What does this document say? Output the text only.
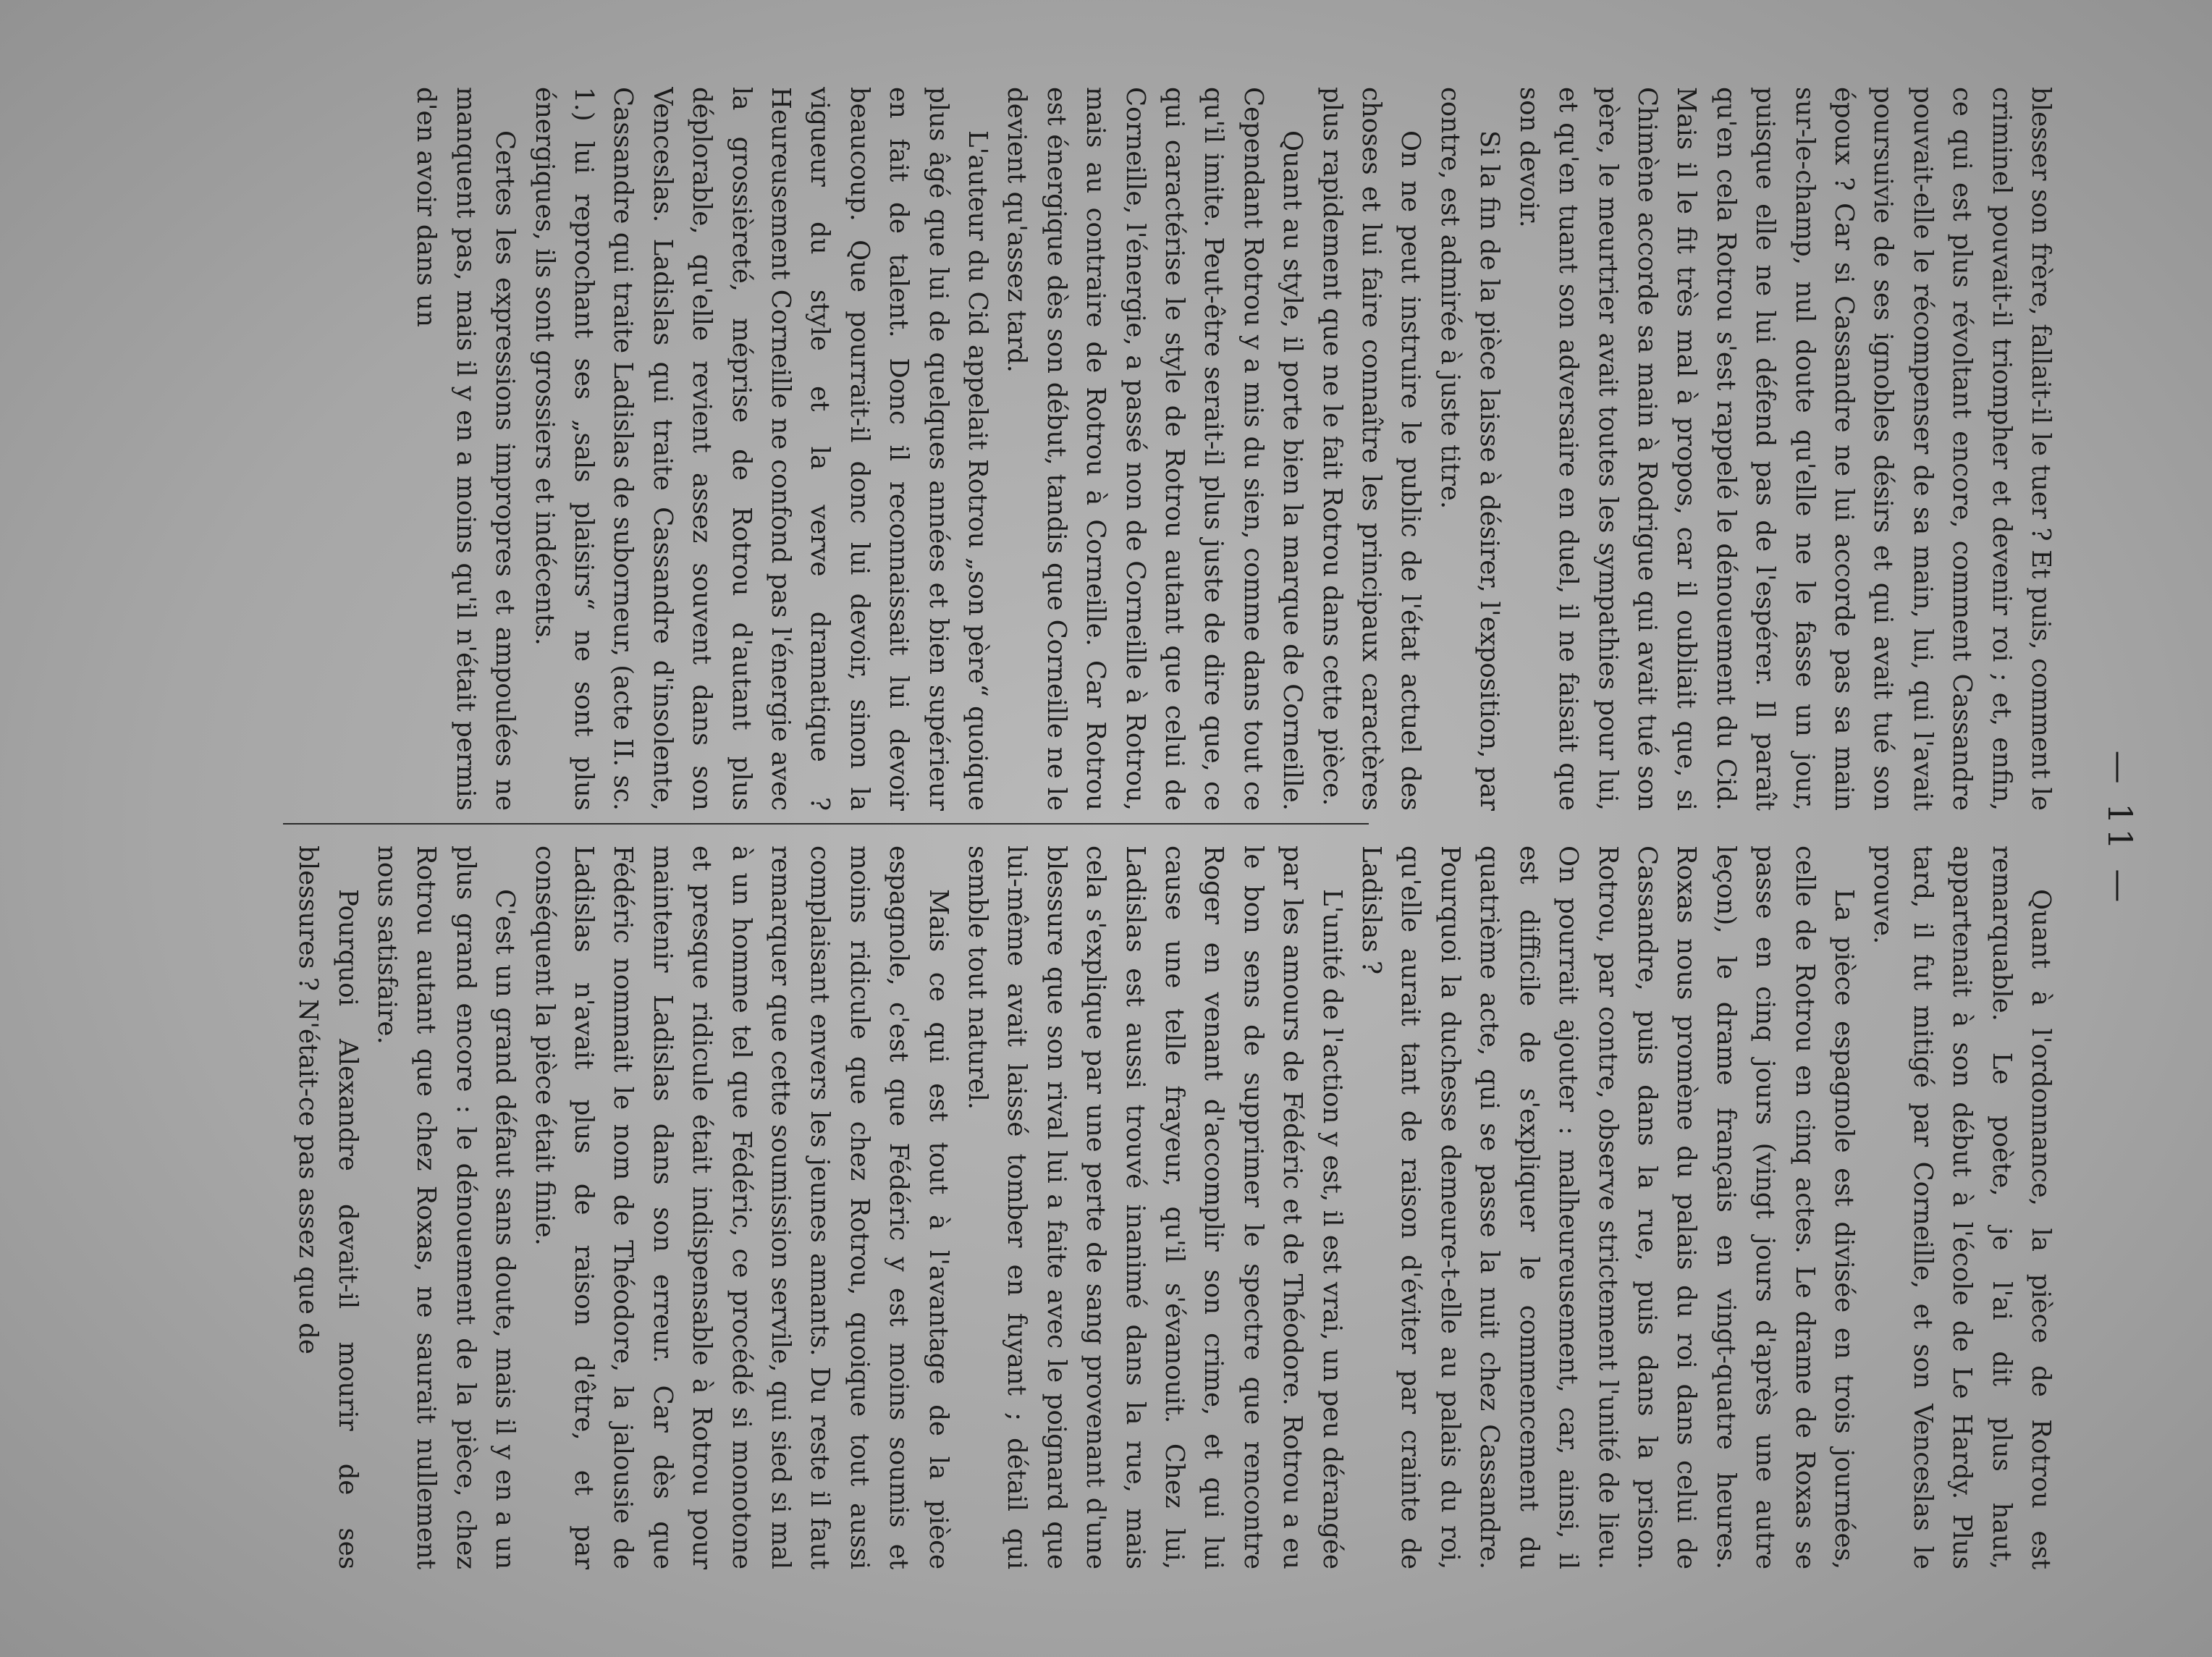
— 11 —

blesser son frère, fallait-il le tuer ? Et puis, comment le criminel pouvait-il triompher et devenir roi ; et, enfin, ce qui est plus révoltant encore, comment Cassandre pouvait-elle le récompenser de sa main, lui, qui l'avait poursuivie de ses ignobles désirs et qui avait tué son époux ? Car si Cassandre ne lui accorde pas sa main sur-le-champ, nul doute qu'elle ne le fasse un jour, puisque elle ne lui défend pas de l'espérer. Il paraît qu'en cela Rotrou s'est rappelé le dénouement du Cid. Mais il le fit très mal à propos, car il oubliait que, si Chimène accorde sa main à Rodrigue qui avait tué son père, le meurtrier avait toutes les sympathies pour lui, et qu'en tuant son adversaire en duel, il ne faisait que son devoir.

Si la fin de la pièce laisse à désirer, l'exposition, par contre, est admirée à juste titre.

On ne peut instruire le public de l'état actuel des choses et lui faire connaître les principaux caractères plus rapidement que ne le fait Rotrou dans cette pièce.

Quant au style, il porte bien la marque de Corneille. Cependant Rotrou y a mis du sien, comme dans tout ce qu'il imite. Peut-être serait-il plus juste de dire que, ce qui caractérise le style de Rotrou autant que celui de Corneille, l'énergie, a passé non de Corneille à Rotrou, mais au contraire de Rotrou à Corneille. Car Rotrou est énergique dès son début, tandis que Corneille ne le devient qu'assez tard.

L'auteur du Cid appelait Rotrou „son père“ quoique plus âgé que lui de quelques années et bien supérieur en fait de talent. Donc il reconnaissait lui devoir beaucoup. Que pourrait-il donc lui devoir, sinon la vigueur du style et la verve dramatique ? Heureusement Corneille ne confond pas l'énergie avec la grossièreté, méprise de Rotrou d'autant plus déplorable, qu'elle revient assez souvent dans son Venceslas. Ladislas qui traite Cassandre d'insolente, Cassandre qui traite Ladislas de suborneur, (acte II. sc. 1.) lui reprochant ses „sals plaisirs“ ne sont plus énergiques, ils sont grossiers et indécents.

Certes les expressions impropres et ampoulées ne manquent pas, mais il y en a moins qu'il n'était permis d'en avoir dans un

Quant à l'ordonnance, la pièce de Rotrou est remarquable. Le poète, je l'ai dit plus haut, appartenait à son début à l'école de Le Hardy. Plus tard, il fut mitigé par Corneille, et son Venceslas le prouve.

La pièce espagnole est divisée en trois journées, celle de Rotrou en cinq actes. Le drame de Roxas se passe en cinq jours (vingt jours d'après une autre leçon), le drame français en vingt-quatre heures. Roxas nous promène du palais du roi dans celui de Cassandre, puis dans la rue, puis dans la prison. Rotrou, par contre, observe strictement l'unité de lieu. On pourrait ajouter : malheureusement, car, ainsi, il est difficile de s'expliquer le commencement du quatrième acte, qui se passe la nuit chez Cassandre. Pourquoi la duchesse demeure-t-elle au palais du roi, qu'elle aurait tant de raison d'éviter par crainte de Ladislas ?

L'unité de l'action y est, il est vrai, un peu dérangée par les amours de Fédéric et de Théodore. Rotrou a eu le bon sens de supprimer le spectre que rencontre Roger en venant d'accomplir son crime, et qui lui cause une telle frayeur, qu'il s'évanouit. Chez lui, Ladislas est aussi trouvé inanimé dans la rue, mais cela s'explique par une perte de sang provenant d'une blessure que son rival lui a faite avec le poignard que lui-même avait laissé tomber en fuyant ; détail qui semble tout naturel.

Mais ce qui est tout à l'avantage de la pièce espagnole, c'est que Fédéric y est moins soumis et moins ridicule que chez Rotrou, quoique tout aussi complaisant envers les jeunes amants. Du reste il faut remarquer que cette soumission servile, qui sied si mal à un homme tel que Fédéric, ce procédé si monotone et presque ridicule était indispensable à Rotrou pour maintenir Ladislas dans son erreur. Car dès que Fédéric nommait le nom de Théodore, la jalousie de Ladislas n'avait plus de raison d'être, et par conséquent la pièce était finie.

C'est un grand défaut sans doute, mais il y en a un plus grand encore : le dénouement de la pièce, chez Rotrou autant que chez Roxas, ne saurait nullement nous satisfaire.

Pourquoi Alexandre devait-il mourir de ses blessures ? N'était-ce pas assez que de
